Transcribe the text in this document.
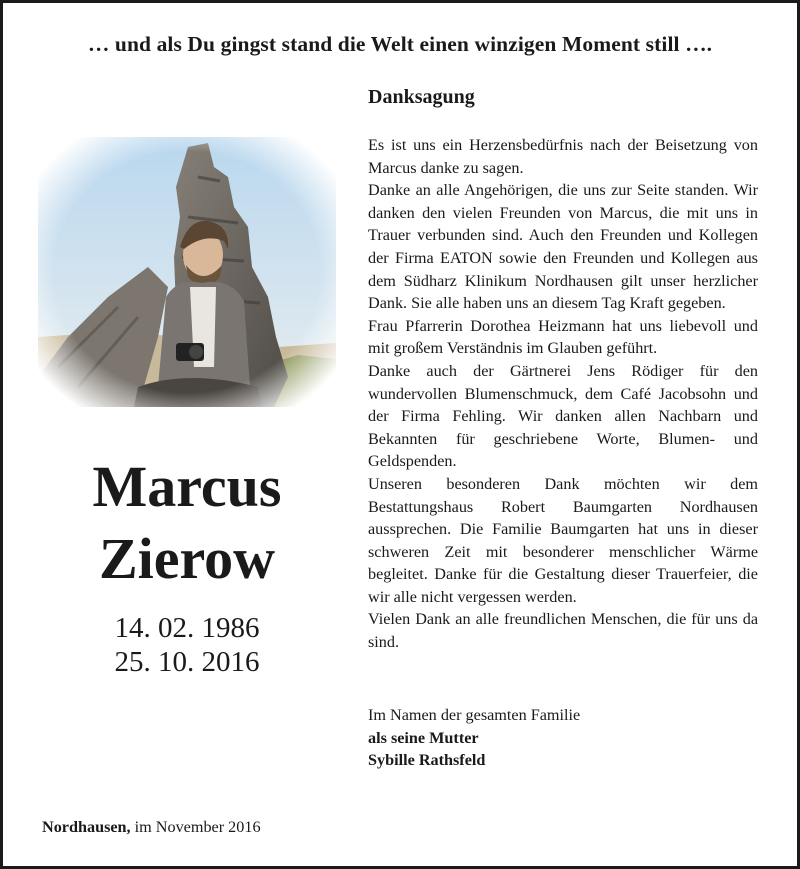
… und als Du gingst stand die Welt einen winzigen Moment still ….
Danksagung
Marcus
Zierow
14. 02. 1986
25. 10. 2016

Es ist uns ein Herzensbedürfnis nach der Beisetzung von Marcus danke zu sagen.

Danke an alle Angehörigen, die uns zur Seite standen. Wir danken den vielen Freunden von Marcus, die mit uns in Trauer verbunden sind. Auch den Freunden und Kollegen der Firma EATON sowie den Freunden und Kollegen aus dem Südharz Klinikum Nordhausen gilt unser herzlicher Dank. Sie alle haben uns an diesem Tag Kraft gegeben.

Frau Pfarrerin Dorothea Heizmann hat uns liebevoll und mit großem Verständnis im Glauben geführt.

Danke auch der Gärtnerei Jens Rödiger für den wundervollen Blumenschmuck, dem Café Jacobsohn und der Firma Fehling. Wir danken allen Nachbarn und Bekannten für geschriebene Worte, Blumen- und Geldspenden.

Unseren besonderen Dank möchten wir dem Bestattungshaus Robert Baumgarten Nordhausen aussprechen. Die Familie Baumgarten hat uns in dieser schweren Zeit mit besonderer menschlicher Wärme begleitet. Danke für die Gestaltung dieser Trauerfeier, die wir alle nicht vergessen werden.

Vielen Dank an alle freundlichen Menschen, die für uns da sind.

Im Namen der gesamten Familie
als seine Mutter
Sybille Rathsfeld
Nordhausen, im November 2016
